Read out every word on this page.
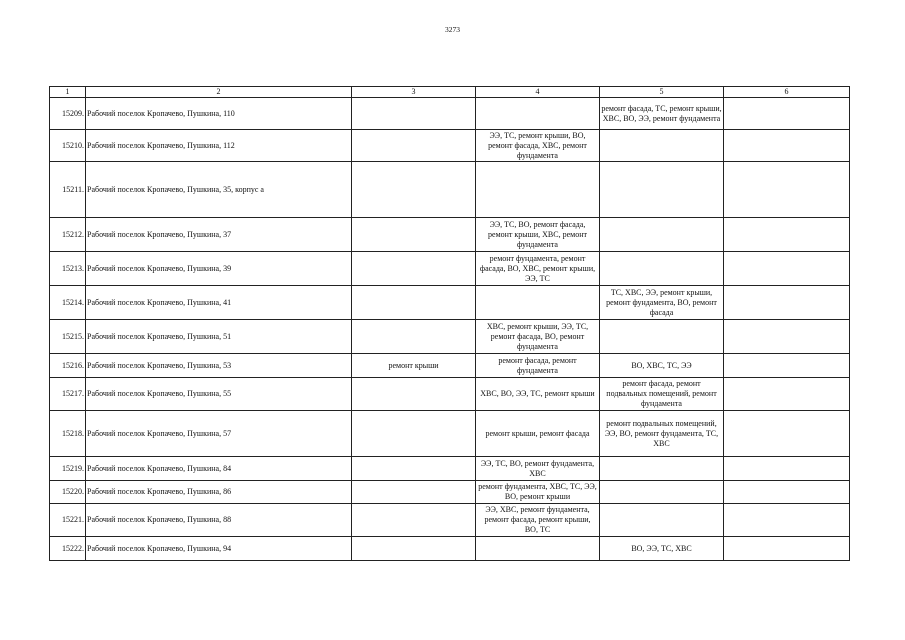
3273
1	2	3	4	5	6
15209.	Рабочий поселок Кропачево, Пушкина, 110			ремонт фасада, ТС, ремонт крыши, ХВС, ВО, ЭЭ, ремонт фундамента	
15210.	Рабочий поселок Кропачево, Пушкина, 112		ЭЭ, ТС, ремонт крыши, ВО, ремонт фасада, ХВС, ремонт фундамента		
15211.	Рабочий поселок Кропачево, Пушкина, 35, корпус а				
15212.	Рабочий поселок Кропачево, Пушкина, 37		ЭЭ, ТС, ВО, ремонт фасада, ремонт крыши, ХВС, ремонт фундамента		
15213.	Рабочий поселок Кропачево, Пушкина, 39		ремонт фундамента, ремонт фасада, ВО, ХВС, ремонт крыши, ЭЭ, ТС		
15214.	Рабочий поселок Кропачево, Пушкина, 41			ТС, ХВС, ЭЭ, ремонт крыши, ремонт фундамента, ВО, ремонт фасада	
15215.	Рабочий поселок Кропачево, Пушкина, 51		ХВС, ремонт крыши, ЭЭ, ТС, ремонт фасада, ВО, ремонт фундамента		
15216.	Рабочий поселок Кропачево, Пушкина, 53	ремонт крыши	ремонт фасада, ремонт фундамента	ВО, ХВС, ТС, ЭЭ	
15217.	Рабочий поселок Кропачево, Пушкина, 55		ХВС, ВО, ЭЭ, ТС, ремонт крыши	ремонт фасада, ремонт подвальных помещений, ремонт фундамента	
15218.	Рабочий поселок Кропачево, Пушкина, 57		ремонт крыши, ремонт фасада	ремонт подвальных помещений, ЭЭ, ВО, ремонт фундамента, ТС, ХВС	
15219.	Рабочий поселок Кропачево, Пушкина, 84		ЭЭ, ТС, ВО, ремонт фундамента, ХВС		
15220.	Рабочий поселок Кропачево, Пушкина, 86		ремонт фундамента, ХВС, ТС, ЭЭ, ВО, ремонт крыши		
15221.	Рабочий поселок Кропачево, Пушкина, 88		ЭЭ, ХВС, ремонт фундамента, ремонт фасада, ремонт крыши, ВО, ТС		
15222.	Рабочий поселок Кропачево, Пушкина, 94			ВО, ЭЭ, ТС, ХВС	
